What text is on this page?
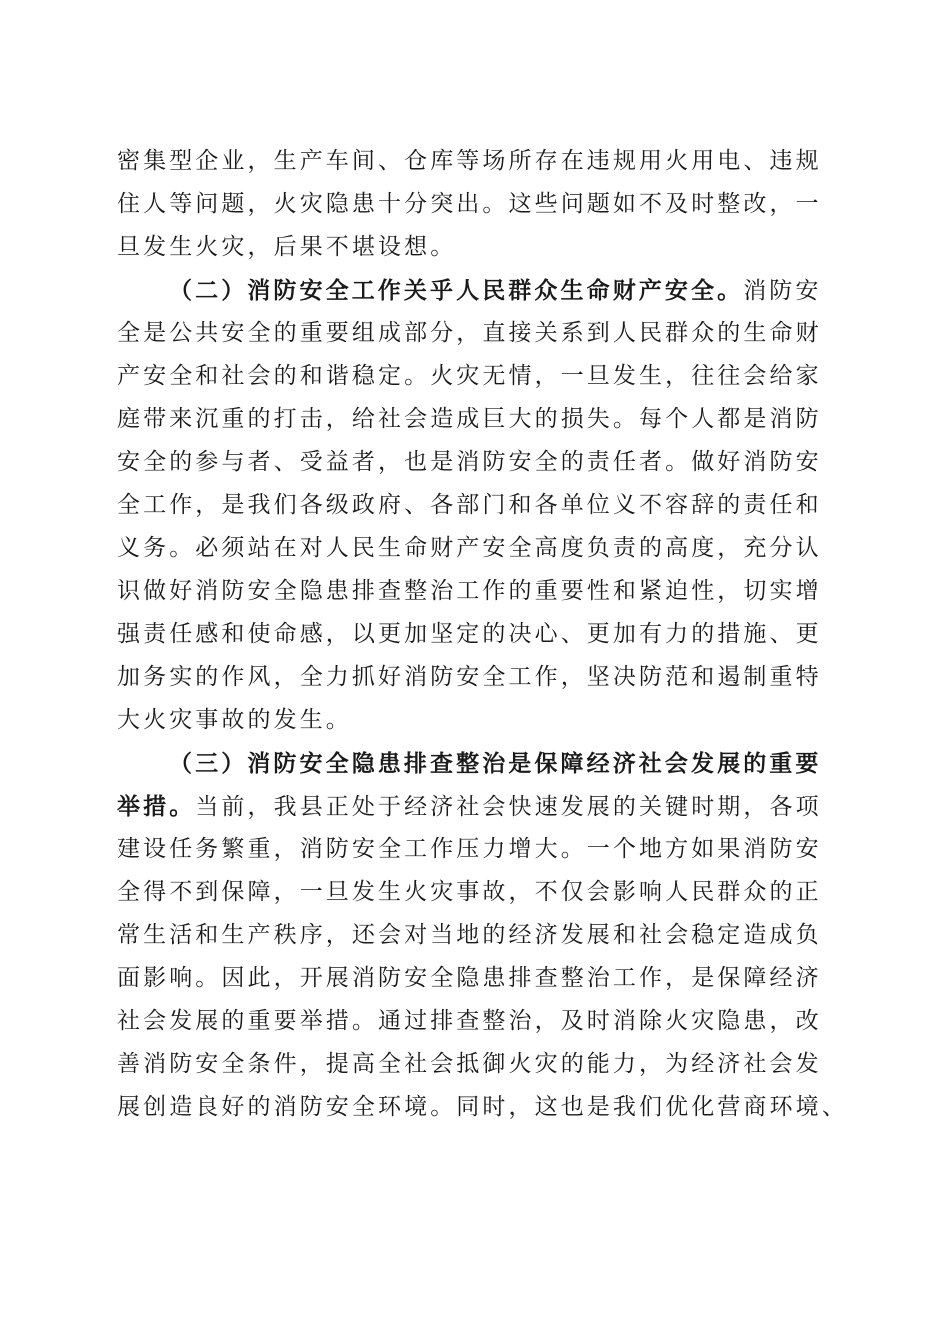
密集型企业，生产车间、仓库等场所存在违规用火用电、违规
住人等问题，火灾隐患十分突出。这些问题如不及时整改，一
旦发生火灾，后果不堪设想。
（二）消防安全工作关乎人民群众生命财产安全。消防安
全是公共安全的重要组成部分，直接关系到人民群众的生命财
产安全和社会的和谐稳定。火灾无情，一旦发生，往往会给家
庭带来沉重的打击，给社会造成巨大的损失。每个人都是消防
安全的参与者、受益者，也是消防安全的责任者。做好消防安
全工作，是我们各级政府、各部门和各单位义不容辞的责任和
义务。必须站在对人民生命财产安全高度负责的高度，充分认
识做好消防安全隐患排查整治工作的重要性和紧迫性，切实增
强责任感和使命感，以更加坚定的决心、更加有力的措施、更
加务实的作风，全力抓好消防安全工作，坚决防范和遏制重特
大火灾事故的发生。
（三）消防安全隐患排查整治是保障经济社会发展的重要
举措。当前，我县正处于经济社会快速发展的关键时期，各项
建设任务繁重，消防安全工作压力增大。一个地方如果消防安
全得不到保障，一旦发生火灾事故，不仅会影响人民群众的正
常生活和生产秩序，还会对当地的经济发展和社会稳定造成负
面影响。因此，开展消防安全隐患排查整治工作，是保障经济
社会发展的重要举措。通过排查整治，及时消除火灾隐患，改
善消防安全条件，提高全社会抵御火灾的能力，为经济社会发
展创造良好的消防安全环境。同时，这也是我们优化营商环境、
